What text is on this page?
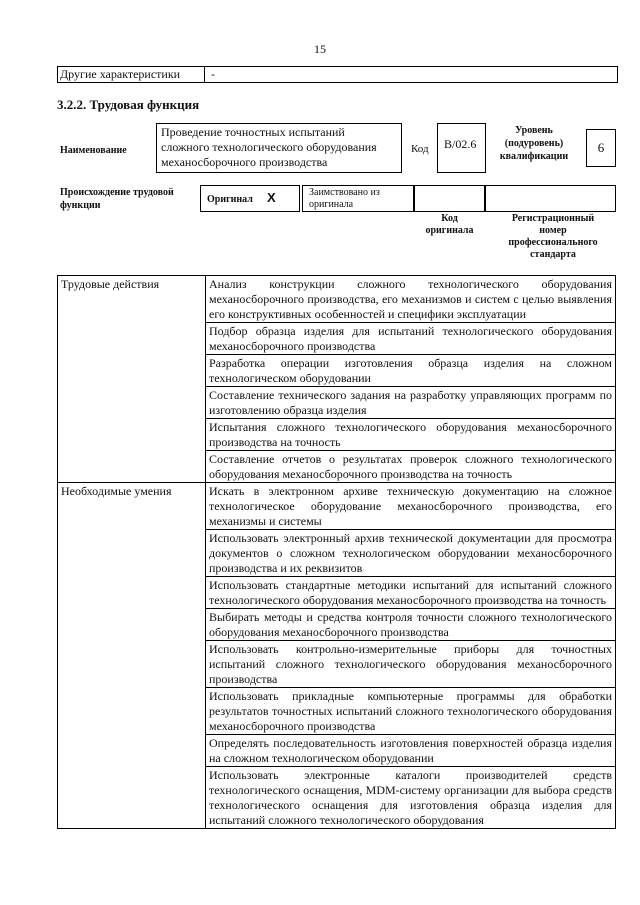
15
Другие характеристики	-
3.2.2. Трудовая функция
Наименование
Проведение точностных испытаний
сложного технологического оборудования
механосборочного производства
Код	В/02.6
Уровень
(подуровень)
квалификации
6
Происхождение трудовой
функции
Оригинал Х	Заимствовано из
оригинала
Код
оригинала
Регистрационный
номер
профессионального
стандарта
Трудовые действия	Анализ конструкции сложного технологического оборудования механосборочного производства, его механизмов и систем с целью выявления его конструктивных особенностей и специфики эксплуатации
	Подбор образца изделия для испытаний технологического оборудования механосборочного производства
	Разработка операции изготовления образца изделия на сложном технологическом оборудовании
	Составление технического задания на разработку управляющих программ по изготовлению образца изделия
	Испытания сложного технологического оборудования механосборочного производства на точность
	Составление отчетов о результатах проверок сложного технологического оборудования механосборочного производства на точность
Необходимые умения	Искать в электронном архиве техническую документацию на сложное технологическое оборудование механосборочного производства, его механизмы и системы
	Использовать электронный архив технической документации для просмотра документов о сложном технологическом оборудовании механосборочного производства и их реквизитов
	Использовать стандартные методики испытаний для испытаний сложного технологического оборудования механосборочного производства на точность
	Выбирать методы и средства контроля точности сложного технологического оборудования механосборочного производства
	Использовать контрольно-измерительные приборы для точностных испытаний сложного технологического оборудования механосборочного производства
	Использовать прикладные компьютерные программы для обработки результатов точностных испытаний сложного технологического оборудования механосборочного производства
	Определять последовательность изготовления поверхностей образца изделия на сложном технологическом оборудовании
	Использовать электронные каталоги производителей средств технологического оснащения, MDM-систему организации для выбора средств технологического оснащения для изготовления образца изделия для испытаний сложного технологического оборудования
